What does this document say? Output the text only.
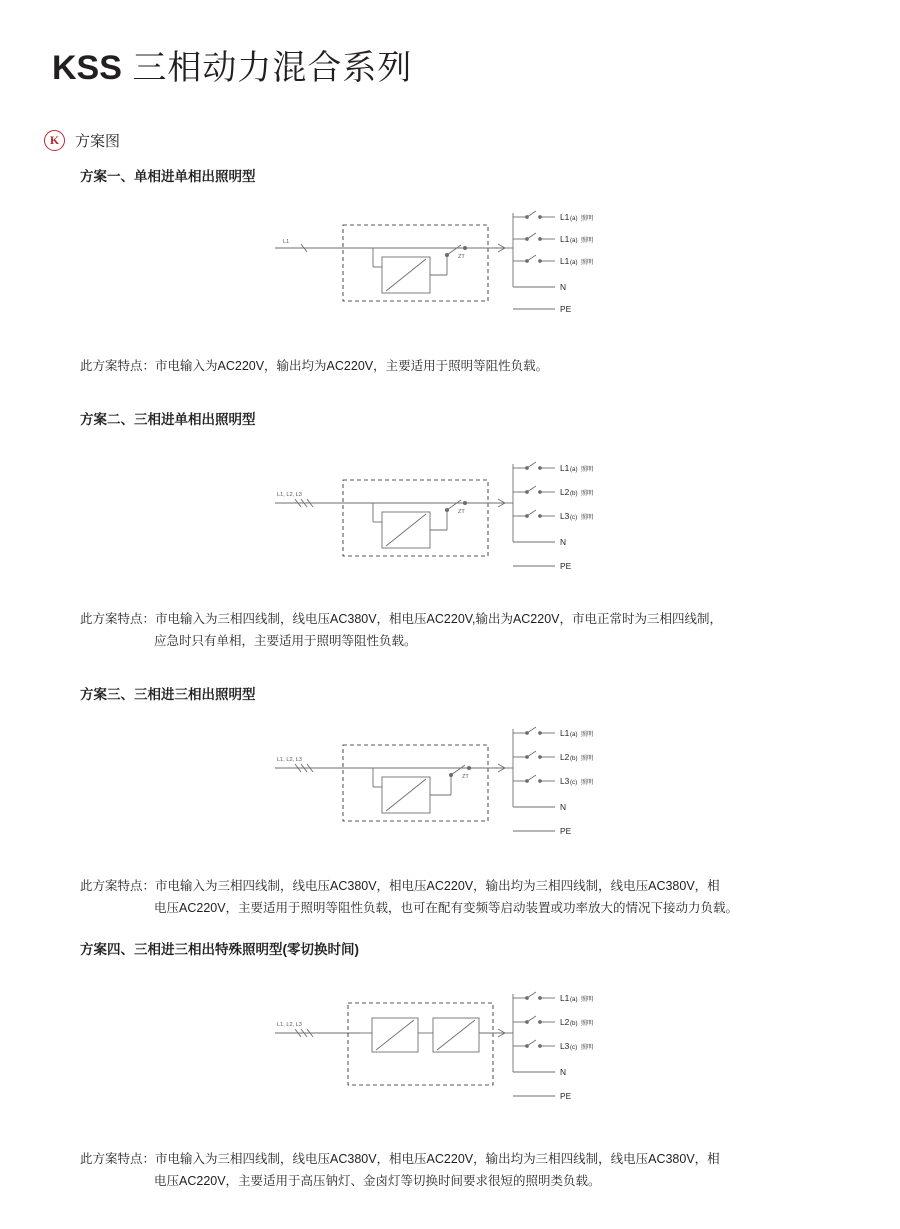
KSS 三相动力混合系列
K	方案图
方案一、单相进单相出照明型
L1
ZT
L1 (a) 照明
L1 (a) 照明
L1 (a) 照明
N
PE
此方案特点：市电输入为AC220V，输出均为AC220V，主要适用于照明等阻性负载。
方案二、三相进单相出照明型
L1, L2, L3
ZT
L1 (a) 照明
L2 (b) 照明
L3 (c) 照明
N
PE
此方案特点：市电输入为三相四线制，线电压AC380V，相电压AC220V,输出为AC220V，市电正常时为三相四线制，
应急时只有单相，主要适用于照明等阻性负载。
方案三、三相进三相出照明型
L1, L2, L3
ZT
L1 (a) 照明
L2 (b) 照明
L3 (c) 照明
N
PE
此方案特点：市电输入为三相四线制，线电压AC380V，相电压AC220V，输出均为三相四线制，线电压AC380V，相
电压AC220V，主要适用于照明等阻性负载，也可在配有变频等启动装置或功率放大的情况下接动力负载。
方案四、三相进三相出特殊照明型(零切换时间)
L1, L2, L3
L1 (a) 照明
L2 (b) 照明
L3 (c) 照明
N
PE
此方案特点：市电输入为三相四线制，线电压AC380V，相电压AC220V，输出均为三相四线制，线电压AC380V，相
电压AC220V，主要适用于高压钠灯、金卤灯等切换时间要求很短的照明类负载。
